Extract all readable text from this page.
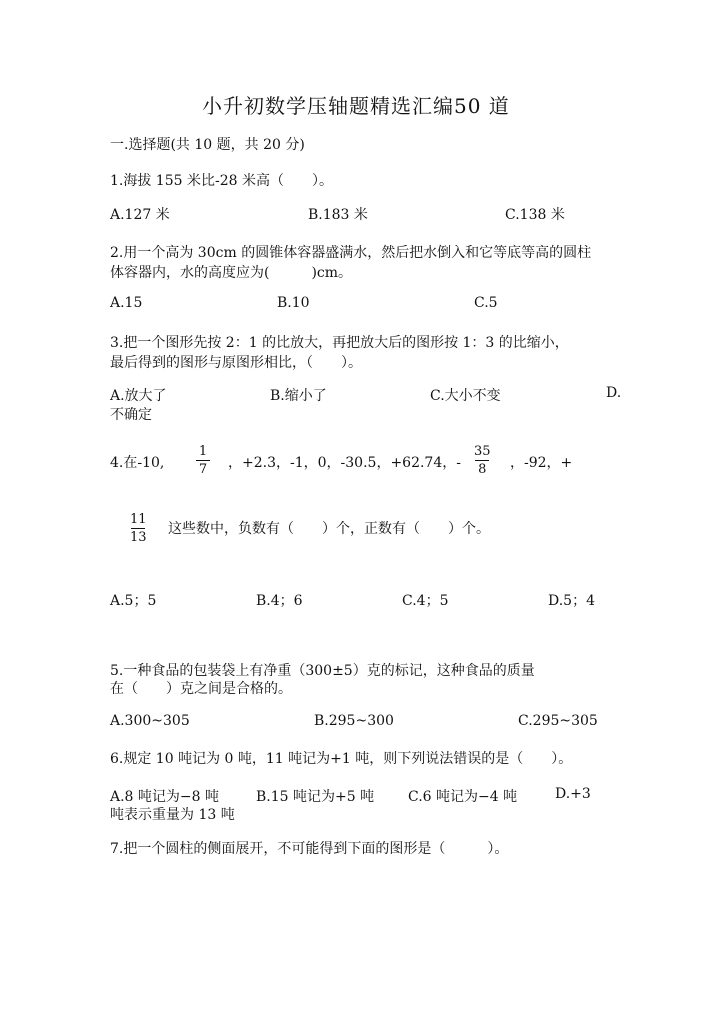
小升初数学压轴题精选汇编50 道
一.选择题(共 10 题，共 20 分)
1.海拔 155 米比-28 米高（　　）。
A.127 米	B.183 米	C.138 米
2.用一个高为 30cm 的圆锥体容器盛满水，然后把水倒入和它等底等高的圆柱
体容器内，水的高度应为(　　　)cm。
A.15	B.10	C.5
3.把一个图形先按 2：1 的比放大，再把放大后的图形按 1：3 的比缩小，
最后得到的图形与原图形相比，（　　）。
A.放大了	B.缩小了	C.大小不变	D.
不确定
4.在-10,
1
7 ，+2.3，-1，0，-30.5，+62.74，-
35
8 ，-92，+
11
13
这些数中，负数有（　　）个，正数有（　　）个。
A.5；5	B.4；6	C.4；5	D.5；4
5.一种食品的包装袋上有净重（300±5）克的标记，这种食品的质量
在（　　）克之间是合格的。
A.300~305	B.295~300	C.295~305
6.规定 10 吨记为 0 吨，11 吨记为+1 吨，则下列说法错误的是（　　）。
A.8 吨记为−8 吨	B.15 吨记为+5 吨 C.6 吨记为−4 吨	D.+3
吨表示重量为 13 吨
7.把一个圆柱的侧面展开，不可能得到下面的图形是（　　　）。
